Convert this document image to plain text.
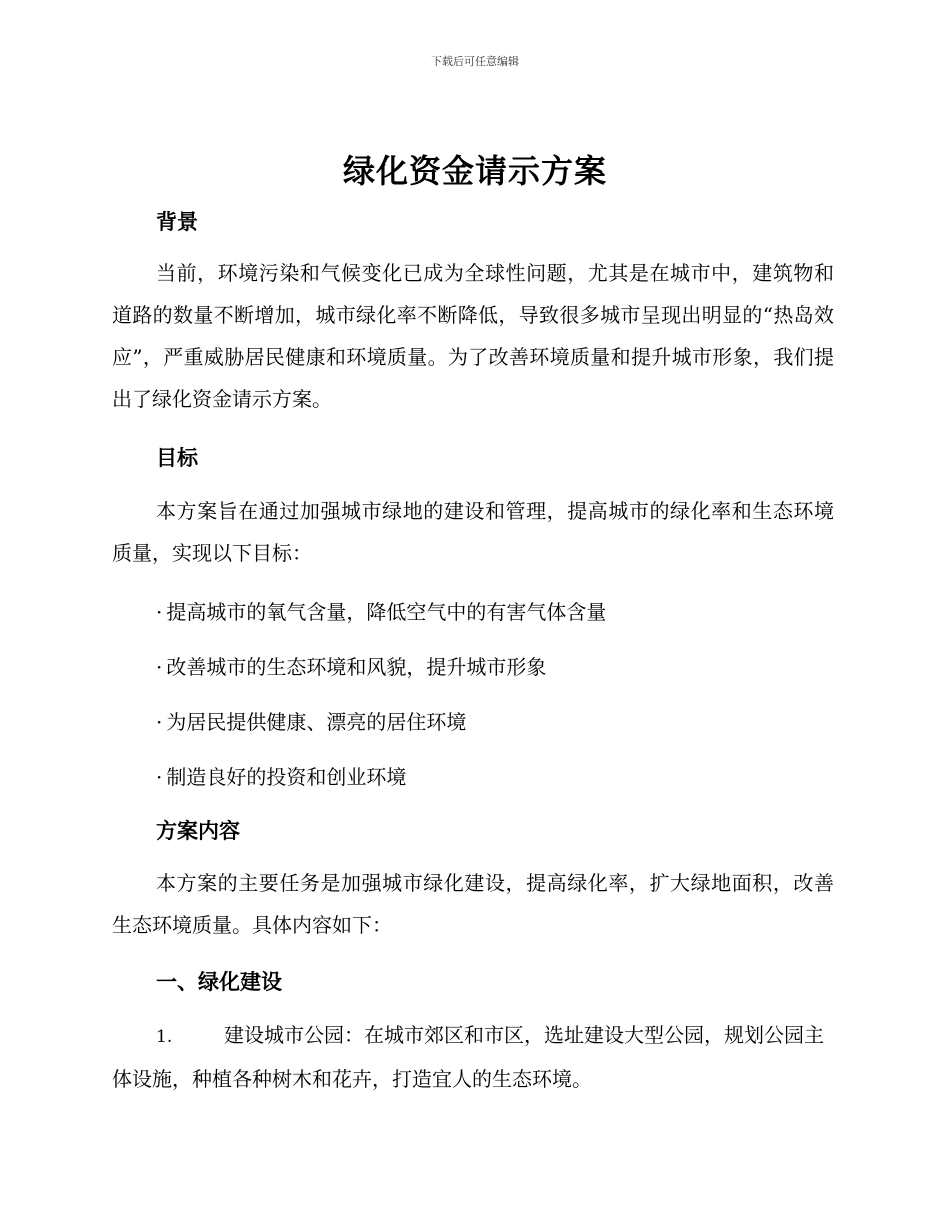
下载后可任意编辑
绿化资金请示方案
背景

当前，环境污染和气候变化已成为全球性问题，尤其是在城市中，建筑物和道路的数量不断增加，城市绿化率不断降低，导致很多城市呈现出明显的“热岛效应”，严重威胁居民健康和环境质量。为了改善环境质量和提升城市形象，我们提出了绿化资金请示方案。

目标

本方案旨在通过加强城市绿地的建设和管理，提高城市的绿化率和生态环境质量，实现以下目标：

· 提高城市的氧气含量，降低空气中的有害气体含量

· 改善城市的生态环境和风貌，提升城市形象

· 为居民提供健康、漂亮的居住环境

· 制造良好的投资和创业环境

方案内容

本方案的主要任务是加强城市绿化建设，提高绿化率，扩大绿地面积，改善生态环境质量。具体内容如下：

一、绿化建设

1.	建设城市公园：在城市郊区和市区，选址建设大型公园，规划公园主体设施，种植各种树木和花卉，打造宜人的生态环境。
